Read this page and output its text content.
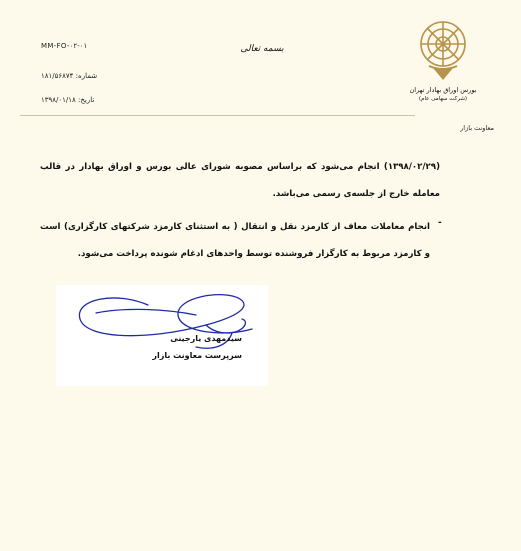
MM-FO-۰۲-۰۱
شماره: ۱۸۱/۵۶۸۷۴
تاریخ: ۱۳۹۸/۰۱/۱۸
بسمه تعالی
بورس اوراق بهادار تهران
(شرکت سهامی عام)
معاونت بازار
(۱۳۹۸/۰۲/۲۹) انجام می‌شود که براساس مصوبه شورای عالی بورس و اوراق بهادار در قالب معامله خارج از جلسه‌ی رسمی می‌باشد.
-
انجام معاملات معاف از کارمزد نقل و انتقال ( به استثنای کارمزد شرکتهای کارگزاری) است و کارمزد مربوط به کارگزار فروشنده توسط واحدهای ادغام شونده پرداخت می‌شود.
سیدمهدی یارجینی
سرپرست معاونت بازار
